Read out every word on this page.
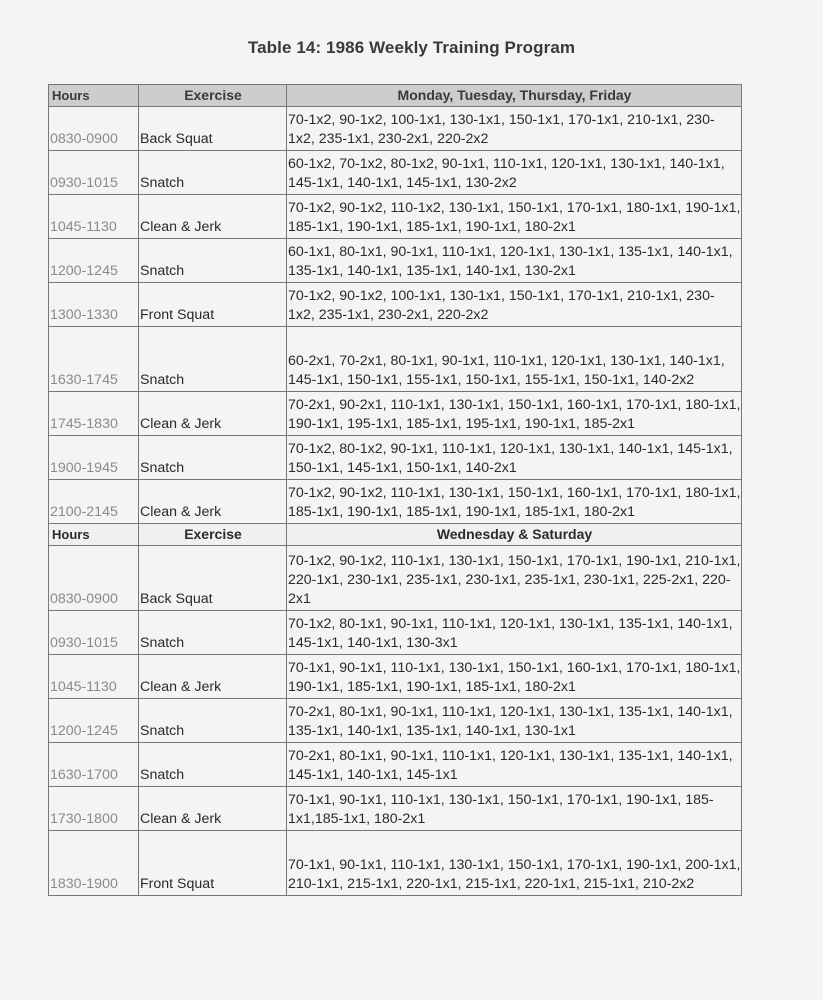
Table 14: 1986 Weekly Training Program
Hours	Exercise	Monday, Tuesday, Thursday, Friday
0830-0900	Back Squat	70-1x2, 90-1x2, 100-1x1, 130-1x1, 150-1x1, 170-1x1, 210-1x1, 230-1x2, 235-1x1, 230-2x1, 220-2x2
0930-1015	Snatch	60-1x2, 70-1x2, 80-1x2, 90-1x1, 110-1x1, 120-1x1, 130-1x1, 140-1x1, 145-1x1, 140-1x1, 145-1x1, 130-2x2
1045-1130	Clean & Jerk	70-1x2, 90-1x2, 110-1x2, 130-1x1, 150-1x1, 170-1x1, 180-1x1, 190-1x1, 185-1x1, 190-1x1, 185-1x1, 190-1x1, 180-2x1
1200-1245	Snatch	60-1x1, 80-1x1, 90-1x1, 110-1x1, 120-1x1, 130-1x1, 135-1x1, 140-1x1, 135-1x1, 140-1x1, 135-1x1, 140-1x1, 130-2x1
1300-1330	Front Squat	70-1x2, 90-1x2, 100-1x1, 130-1x1, 150-1x1, 170-1x1, 210-1x1, 230-1x2, 235-1x1, 230-2x1, 220-2x2
1630-1745	Snatch	60-2x1, 70-2x1, 80-1x1, 90-1x1, 110-1x1, 120-1x1, 130-1x1, 140-1x1, 145-1x1, 150-1x1, 155-1x1, 150-1x1, 155-1x1, 150-1x1, 140-2x2
1745-1830	Clean & Jerk	70-2x1, 90-2x1, 110-1x1, 130-1x1, 150-1x1, 160-1x1, 170-1x1, 180-1x1, 190-1x1, 195-1x1, 185-1x1, 195-1x1, 190-1x1, 185-2x1
1900-1945	Snatch	70-1x2, 80-1x2, 90-1x1, 110-1x1, 120-1x1, 130-1x1, 140-1x1, 145-1x1, 150-1x1, 145-1x1, 150-1x1, 140-2x1
2100-2145	Clean & Jerk	70-1x2, 90-1x2, 110-1x1, 130-1x1, 150-1x1, 160-1x1, 170-1x1, 180-1x1, 185-1x1, 190-1x1, 185-1x1, 190-1x1, 185-1x1, 180-2x1
Hours	Exercise	Wednesday & Saturday
0830-0900	Back Squat	70-1x2, 90-1x2, 110-1x1, 130-1x1, 150-1x1, 170-1x1, 190-1x1, 210-1x1, 220-1x1, 230-1x1, 235-1x1, 230-1x1, 235-1x1, 230-1x1, 225-2x1, 220-2x1
0930-1015	Snatch	70-1x2, 80-1x1, 90-1x1, 110-1x1, 120-1x1, 130-1x1, 135-1x1, 140-1x1, 145-1x1, 140-1x1, 130-3x1
1045-1130	Clean & Jerk	70-1x1, 90-1x1, 110-1x1, 130-1x1, 150-1x1, 160-1x1, 170-1x1, 180-1x1, 190-1x1, 185-1x1, 190-1x1, 185-1x1, 180-2x1
1200-1245	Snatch	70-2x1, 80-1x1, 90-1x1, 110-1x1, 120-1x1, 130-1x1, 135-1x1, 140-1x1, 135-1x1, 140-1x1, 135-1x1, 140-1x1, 130-1x1
1630-1700	Snatch	70-2x1, 80-1x1, 90-1x1, 110-1x1, 120-1x1, 130-1x1, 135-1x1, 140-1x1, 145-1x1, 140-1x1, 145-1x1
1730-1800	Clean & Jerk	70-1x1, 90-1x1, 110-1x1, 130-1x1, 150-1x1, 170-1x1, 190-1x1, 185-1x1,185-1x1, 180-2x1
1830-1900	Front Squat	70-1x1, 90-1x1, 110-1x1, 130-1x1, 150-1x1, 170-1x1, 190-1x1, 200-1x1, 210-1x1, 215-1x1, 220-1x1, 215-1x1, 220-1x1, 215-1x1, 210-2x2
